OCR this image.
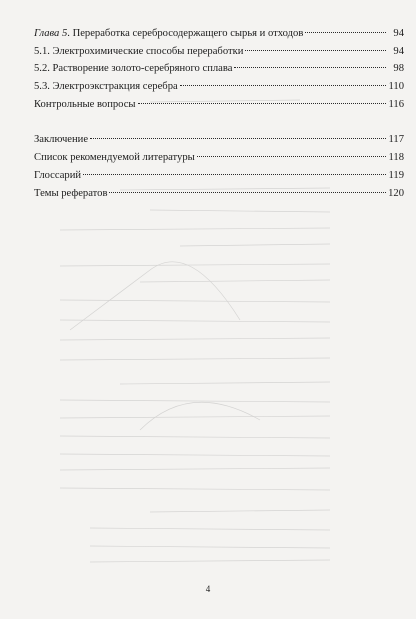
Глава 5. Переработка серебросодержащего сырья и отходов	94
5.1. Электрохимические способы переработки	94
5.2. Растворение золото-серебряного сплава	98
5.3. Электроэкстракция серебра	110
Контрольные вопросы	116
Заключение	117
Список рекомендуемой литературы	118
Глоссарий	119
Темы рефератов	120
4
